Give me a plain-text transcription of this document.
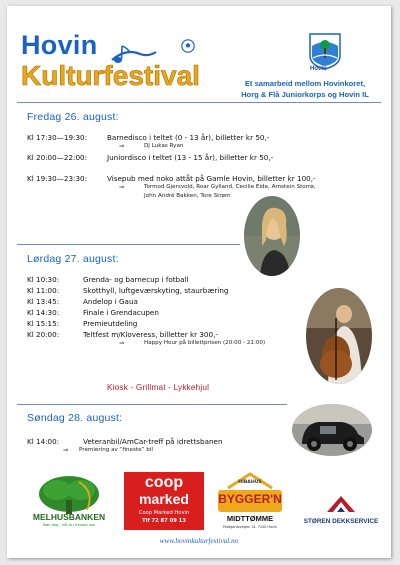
Hovin
Kulturfestival	Hovin
Et samarbeid mellom Hovinkoret,
Horg & Flå Juniorkorps og Hovin IL
Fredag 26. august:
Kl 17:30—19:30:	Barnedisco i teltet (0 - 13 år), billetter kr 50,-
⇒	DJ Lukas Ryan
Kl 20:00—22:00:	Juniordisco i teltet (13 - 15 år), billetter kr 50,-
Kl 19:30—23:30:	Visepub med noko attåt på Gamle Hovin, billetter kr 100,-
⇒	Tormod Gjersvold, Roar Gylland, Cecilie Eide, Arnstein Storrø,
John André Bakken, Tore Strøm
Lørdag 27. august:
Kl 10:30:	Grenda- og barnecup i fotball
Kl 11:00:	Skotthyll, luftgeværskyting, staurbæring
Kl 13:45:	Andelop i Gaua
Kl 14:30:	Finale i Grendacupen
Kl 15:15:	Premieutdeling
Kl 20:00:	Teltfest m/Kloveress, billetter kr 300,-
⇒	Happy Hour på billettprisen (20:00 - 21:00)
Kiosk - Grillmat - Lykkehjul
Søndag 28. august:
Kl 14:00:	Veteranbil/AmCar-treff på idrettsbanen
⇒ Premiering av “fineste” bil
MELHUSBANKEN
Nær deg - når du trenger oss
coop
marked
Coop Marked Hovin
Tlf 72 87 09 13
HIBAHUS
BYGGER'N
MIDTTØMME
Midtgardsvegen 14, 7100 Hovin
STØREN DEKKSERVICE
www.hovinkulturfestival.no
